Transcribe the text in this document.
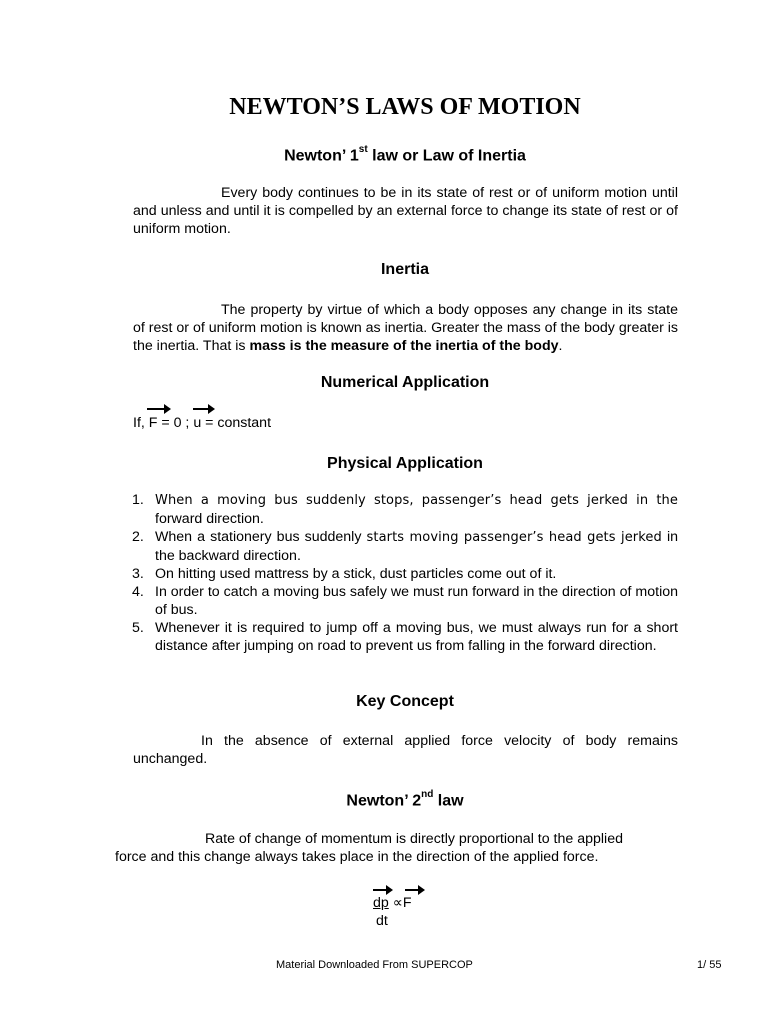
NEWTON’S LAWS OF MOTION
Newton’ 1st law or Law of Inertia
Every body continues to be in its state of rest or of uniform motion until and unless and until it is compelled by an external force to change its state of rest or of uniform motion.
Inertia
The property by virtue of which a body opposes any change in its state of rest or of uniform motion is known as inertia. Greater the mass of the body greater is the inertia. That is mass is the measure of the inertia of the body.
Numerical Application
If, F = 0 ; u = constant
Physical Application
1. When a moving bus suddenly stops, passenger’s head gets jerked in the forward direction.
2. When a stationery bus suddenly starts moving passenger’s head gets jerked in the backward direction.
3. On hitting used mattress by a stick, dust particles come out of it.
4. In order to catch a moving bus safely we must run forward in the direction of motion of bus.
5. Whenever it is required to jump off a moving bus, we must always run for a short distance after jumping on road to prevent us from falling in the forward direction.
Key Concept
In the absence of external applied force velocity of body remains unchanged.
Newton’ 2nd law
Rate of change of momentum is directly proportional to the applied
force and this change always takes place in the direction of the applied force.
dp ∝F
dt
Material Downloaded From SUPERCOP	1/ 55
